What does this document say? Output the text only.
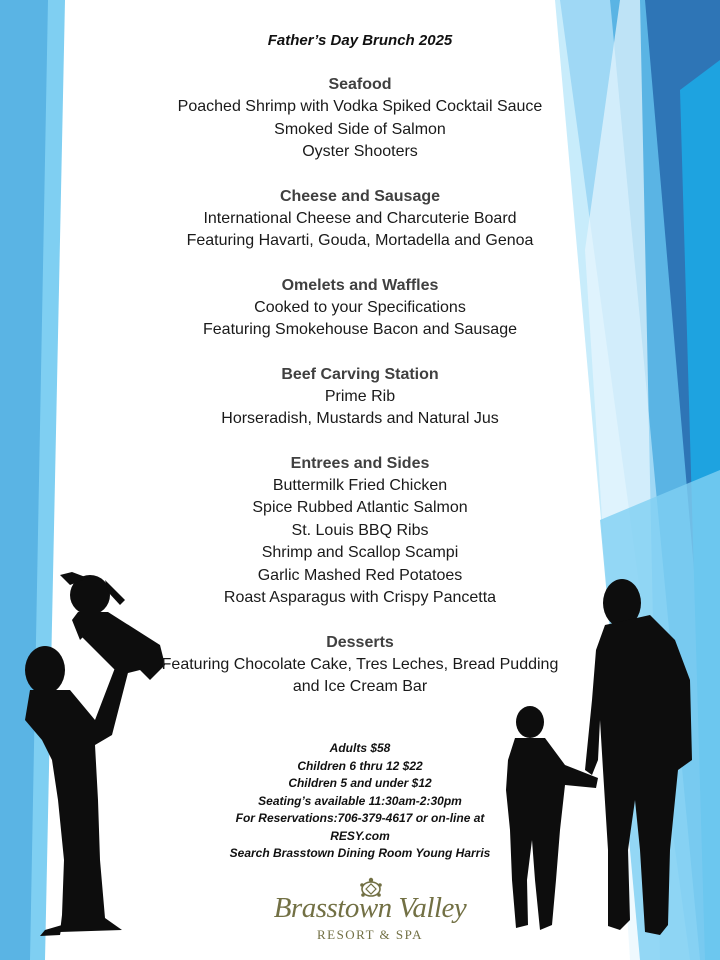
Father’s Day Brunch 2025
Seafood
Poached Shrimp with Vodka Spiked Cocktail Sauce
Smoked Side of Salmon
Oyster Shooters
Cheese and Sausage
International Cheese and Charcuterie Board
Featuring Havarti, Gouda, Mortadella and Genoa
Omelets and Waffles
Cooked to your Specifications
Featuring Smokehouse Bacon and Sausage
Beef Carving Station
Prime Rib
Horseradish, Mustards and Natural Jus
Entrees and Sides
Buttermilk Fried Chicken
Spice Rubbed Atlantic Salmon
St. Louis BBQ Ribs
Shrimp and Scallop Scampi
Garlic Mashed Red Potatoes
Roast Asparagus with Crispy Pancetta
Desserts
Featuring Chocolate Cake, Tres Leches, Bread Pudding
and Ice Cream Bar
Adults $58
Children 6 thru 12 $22
Children 5 and under $12
Seating’s available 11:30am-2:30pm
For Reservations:706-379-4617 or on-line at
RESY.com
Search Brasstown Dining Room Young Harris
Brasstown Valley
RESORT & SPA
